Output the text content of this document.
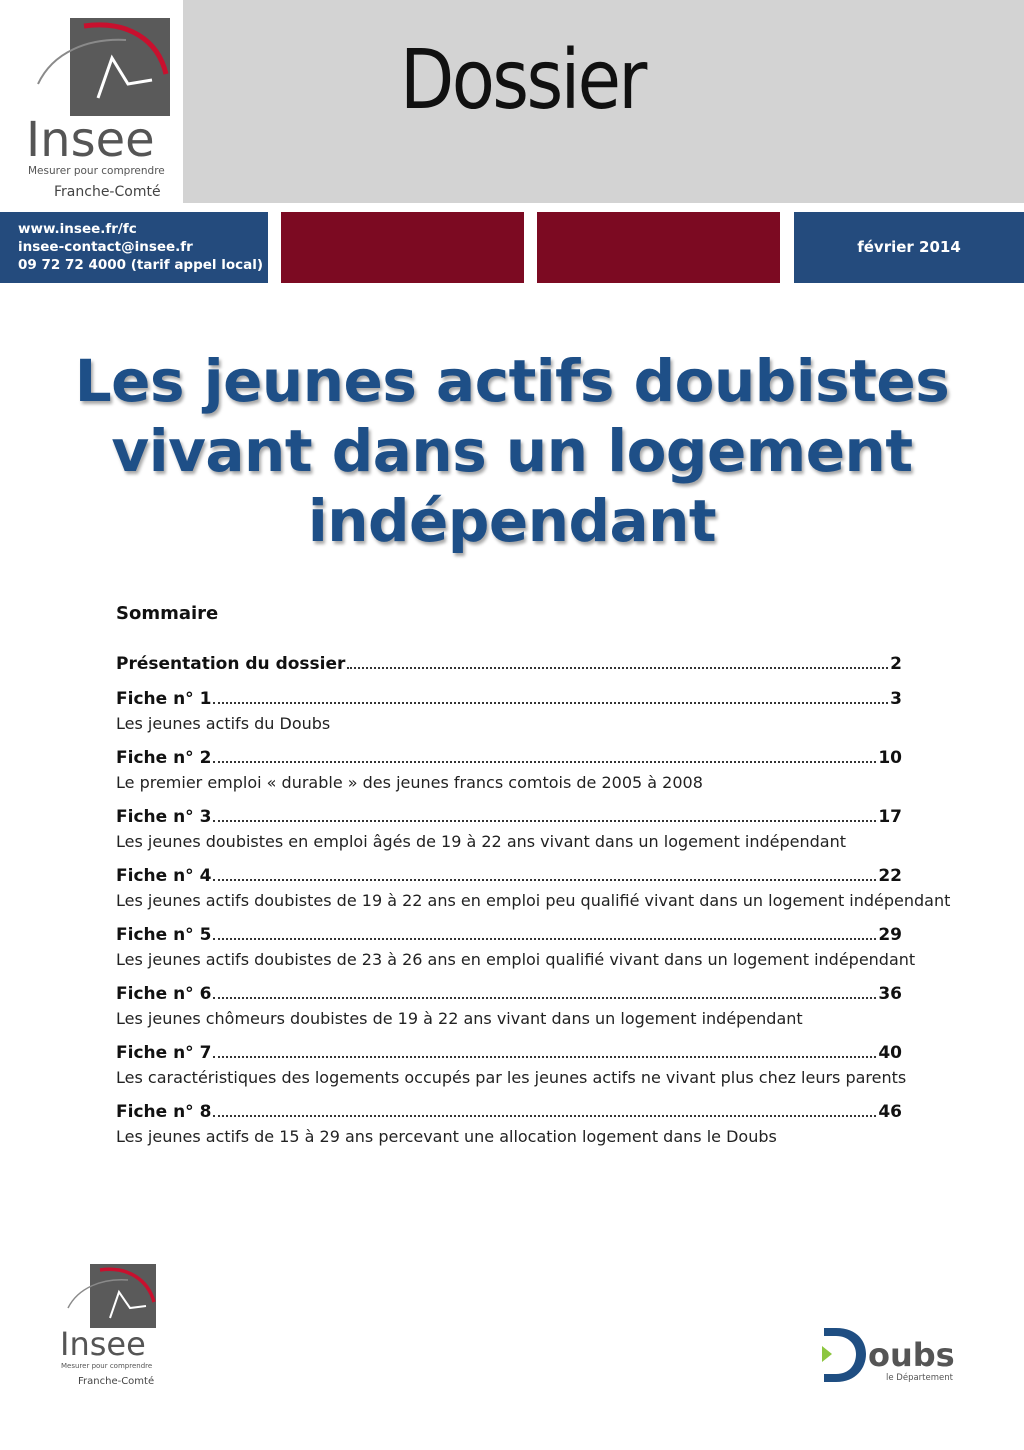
Insee
Mesurer pour comprendre
Franche-Comté
Dossier
www.insee.fr/fc
insee-contact@insee.fr
09 72 72 4000 (tarif appel local)
février 2014
Les jeunes actifs doubistes
vivant dans un logement
indépendant
Sommaire
Présentation du dossier	2
Fiche n° 1	3
Les jeunes actifs du Doubs
Fiche n° 2	10
Le premier emploi « durable » des jeunes francs comtois de 2005 à 2008
Fiche n° 3	17
Les jeunes doubistes en emploi âgés de 19 à 22 ans vivant dans un logement indépendant
Fiche n° 4	22
Les jeunes actifs doubistes de 19 à 22 ans en emploi peu qualifié vivant dans un logement indépendant
Fiche n° 5	29
Les jeunes actifs doubistes de 23 à 26 ans en emploi qualifié vivant dans un logement indépendant
Fiche n° 6	36
Les jeunes chômeurs doubistes de 19 à 22 ans vivant dans un logement indépendant
Fiche n° 7	40
Les caractéristiques des logements occupés par les jeunes actifs ne vivant plus chez leurs parents
Fiche n° 8	46
Les jeunes actifs de 15 à 29 ans percevant une allocation logement dans le Doubs
Insee
Mesurer pour comprendre
Franche-Comté
oubs
le Département
